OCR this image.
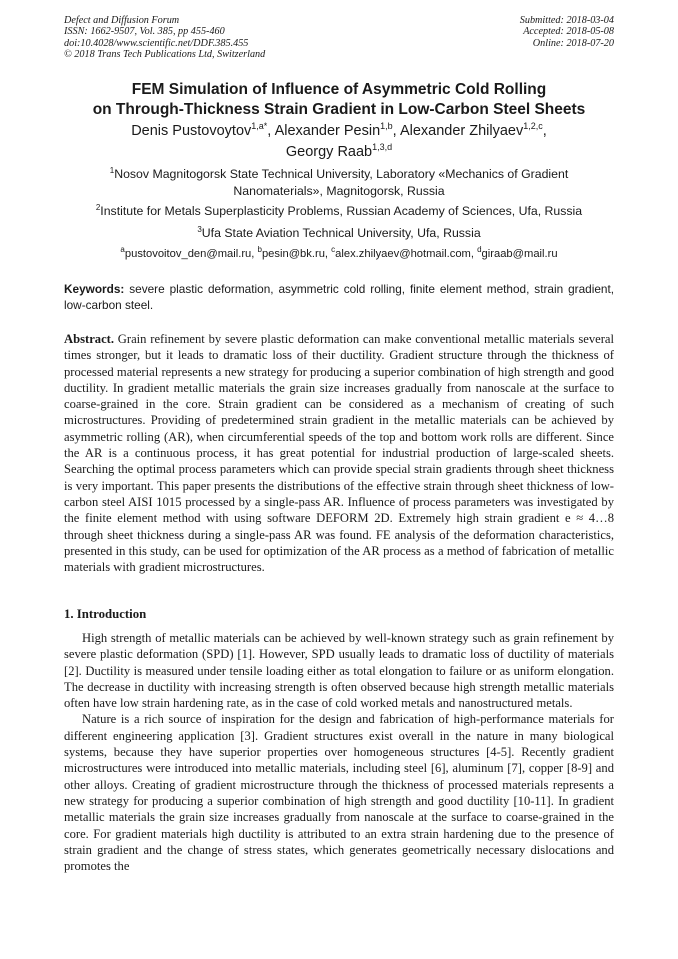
Defect and Diffusion Forum
ISSN: 1662-9507, Vol. 385, pp 455-460
doi:10.4028/www.scientific.net/DDF.385.455
© 2018 Trans Tech Publications Ltd, Switzerland
Submitted: 2018-03-04
Accepted: 2018-05-08
Online: 2018-07-20
FEM Simulation of Influence of Asymmetric Cold Rolling
on Through-Thickness Strain Gradient in Low-Carbon Steel Sheets
Denis Pustovoytov$^{1,a*}$, Alexander Pesin$^{1,b}$, Alexander Zhilyaev$^{1,2,c}$,
Georgy Raab$^{1,3,d}$
$^1$Nosov Magnitogorsk State Technical University, Laboratory «Mechanics of Gradient
Nanomaterials», Magnitogorsk, Russia
$^2$Institute for Metals Superplasticity Problems, Russian Academy of Sciences, Ufa, Russia
$^3$Ufa State Aviation Technical University, Ufa, Russia
$^a$pustovoitov_den@mail.ru, $^b$pesin@bk.ru, $^c$alex.zhilyaev@hotmail.com, $^d$giraab@mail.ru
Keywords: severe plastic deformation, asymmetric cold rolling, finite element method, strain gradient, low-carbon steel.
Abstract. Grain refinement by severe plastic deformation can make conventional metallic materials several times stronger, but it leads to dramatic loss of their ductility. Gradient structure through the thickness of processed material represents a new strategy for producing a superior combination of high strength and good ductility. In gradient metallic materials the grain size increases gradually from nanoscale at the surface to coarse-grained in the core. Strain gradient can be considered as a mechanism of creating of such microstructures. Providing of predetermined strain gradient in the metallic materials can be achieved by asymmetric rolling (AR), when circumferential speeds of the top and bottom work rolls are different. Since the AR is a continuous process, it has great potential for industrial production of large-scaled sheets. Searching the optimal process parameters which can provide special strain gradients through sheet thickness is very important. This paper presents the distributions of the effective strain through sheet thickness of low-carbon steel AISI 1015 processed by a single-pass AR. Influence of process parameters was investigated by the finite element method with using software DEFORM 2D. Extremely high strain gradient e ≈ 4…8 through sheet thickness during a single-pass AR was found. FE analysis of the deformation characteristics, presented in this study, can be used for optimization of the AR process as a method of fabrication of metallic materials with gradient microstructures.
1. Introduction

High strength of metallic materials can be achieved by well-known strategy such as grain refinement by severe plastic deformation (SPD) [1]. However, SPD usually leads to dramatic loss of ductility of materials [2]. Ductility is measured under tensile loading either as total elongation to failure or as uniform elongation. The decrease in ductility with increasing strength is often observed because high strength metallic materials often have low strain hardening rate, as in the case of cold worked metals and nanostructured metals.

Nature is a rich source of inspiration for the design and fabrication of high-performance materials for different engineering application [3]. Gradient structures exist overall in the nature in many biological systems, because they have superior properties over homogeneous structures [4-5]. Recently gradient microstructures were introduced into metallic materials, including steel [6], aluminum [7], copper [8-9] and other alloys. Creating of gradient microstructure through the thickness of processed materials represents a new strategy for producing a superior combination of high strength and good ductility [10-11]. In gradient metallic materials the grain size increases gradually from nanoscale at the surface to coarse-grained in the core. For gradient materials high ductility is attributed to an extra strain hardening due to the presence of strain gradient and the change of stress states, which generates geometrically necessary dislocations and promotes the
